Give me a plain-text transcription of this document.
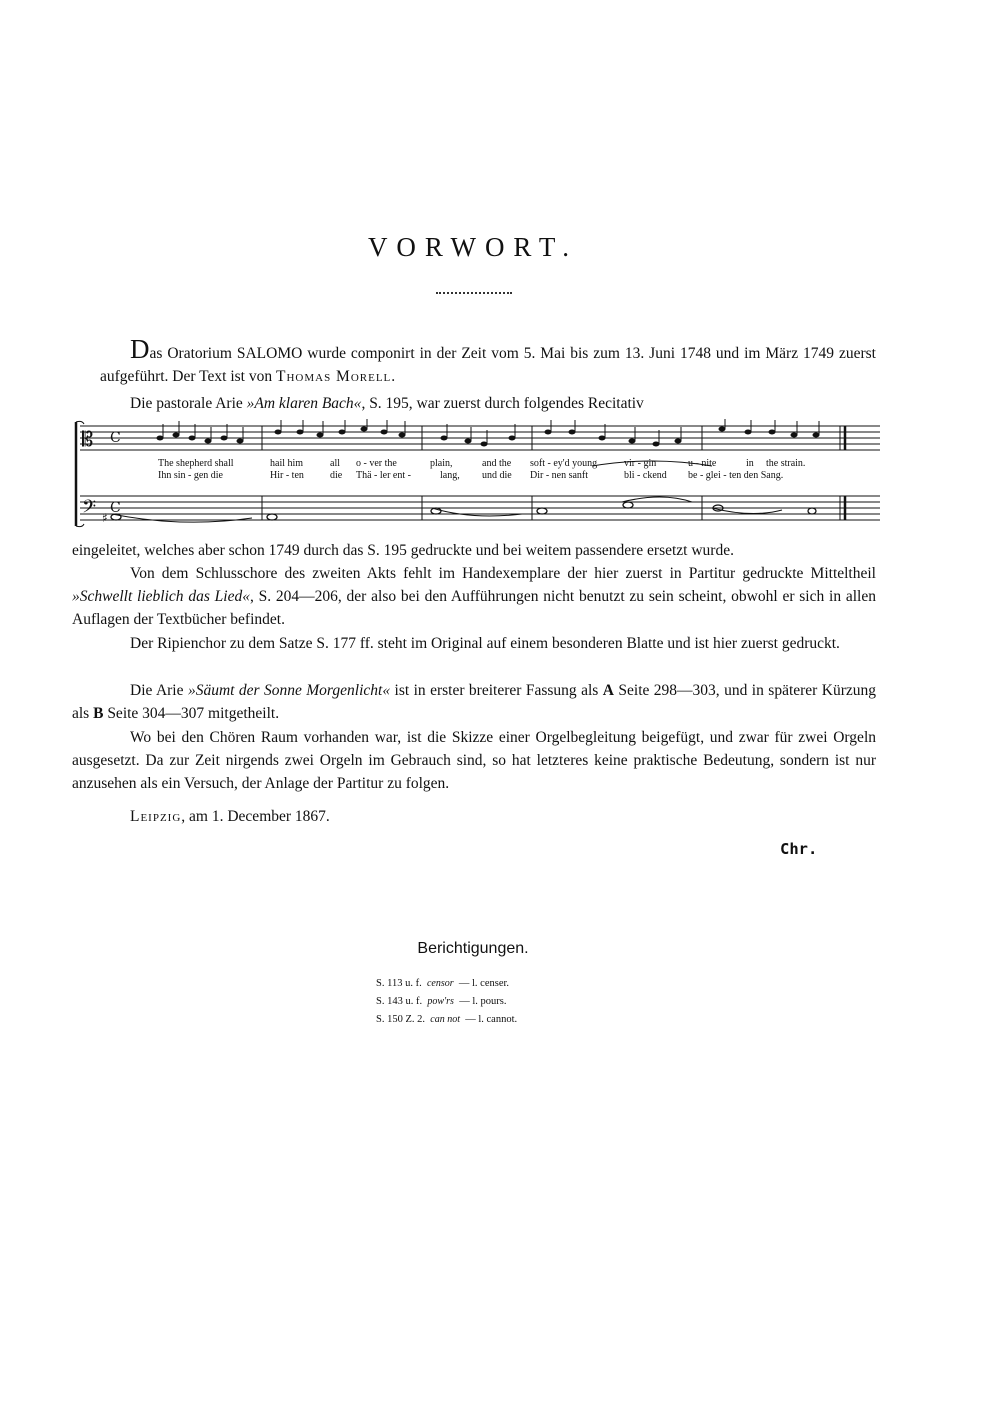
VORWORT.
Das Oratorium SALOMO wurde componirt in der Zeit vom 5. Mai bis zum 13. Juni 1748 und im März 1749 zuerst aufgeführt. Der Text ist von Thomas Morell.
Die pastorale Arie »Am klaren Bach«, S. 195, war zuerst durch folgendes Recitativ
𝄡 C
𝄢 C
♯
The shepherd shall	hail him	all o - ver the	plain,	and the soft - ey'd young	vir - gin	u - nite	in the strain.
Ihn sin - gen die	Hir - ten	die Thä - ler ent -	lang, und die Dir - nen sanft	bli - ckend be - glei - ten den Sang.
eingeleitet, welches aber schon 1749 durch das S. 195 gedruckte und bei weitem passendere ersetzt wurde.
Von dem Schlusschore des zweiten Akts fehlt im Handexemplare der hier zuerst in Partitur gedruckte Mitteltheil »Schwellt lieblich das Lied«, S. 204—206, der also bei den Aufführungen nicht benutzt zu sein scheint, obwohl er sich in allen Auflagen der Textbücher befindet.
Der Ripienchor zu dem Satze S. 177 ff. steht im Original auf einem besonderen Blatte und ist hier zuerst gedruckt.
Die Arie »Säumt der Sonne Morgenlicht« ist in erster breiterer Fassung als A Seite 298—303, und in späterer Kürzung als B Seite 304—307 mitgetheilt.
Wo bei den Chören Raum vorhanden war, ist die Skizze einer Orgelbegleitung beigefügt, und zwar für zwei Orgeln ausgesetzt. Da zur Zeit nirgends zwei Orgeln im Gebrauch sind, so hat letzteres keine praktische Bedeutung, sondern ist nur anzusehen als ein Versuch, der Anlage der Partitur zu folgen.
Leipzig, am 1. December 1867.
Chr.
Berichtigungen.
S. 113 u. f. censor — l. censer.
S. 143 u. f. pow'rs — l. pours.
S. 150 Z. 2. can not — l. cannot.
